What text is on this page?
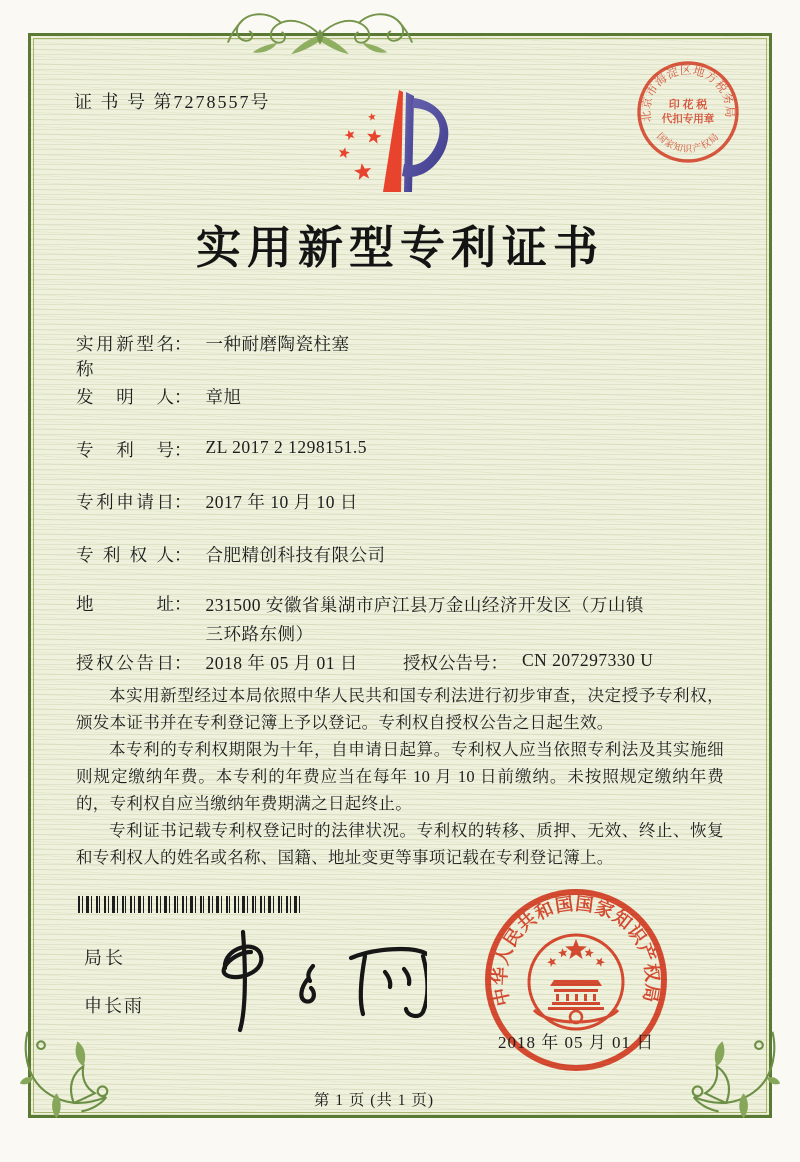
证 书 号 第7278557号
北京市海淀区地方税务局
国家知识产权局
印 花 税
代扣专用章
实用新型专利证书
实用新型名称： 一种耐磨陶瓷柱塞
发明人： 章旭
专利号： ZL 2017 2 1298151.5
专利申请日： 2017 年 10 月 10 日
专利权人： 合肥精创科技有限公司
地址： 231500 安徽省巢湖市庐江县万金山经济开发区（万山镇三环路东侧）
授权公告日： 2018 年 05 月 01 日	授权公告号： CN 207297330 U

本实用新型经过本局依照中华人民共和国专利法进行初步审查，决定授予专利权，颁发本证书并在专利登记簿上予以登记。专利权自授权公告之日起生效。

本专利的专利权期限为十年，自申请日起算。专利权人应当依照专利法及其实施细则规定缴纳年费。本专利的年费应当在每年 10 月 10 日前缴纳。未按照规定缴纳年费的，专利权自应当缴纳年费期满之日起终止。

专利证书记载专利权登记时的法律状况。专利权的转移、质押、无效、终止、恢复和专利权人的姓名或名称、国籍、地址变更等事项记载在专利登记簿上。

局长
申长雨	中华人民共和国国家知识产权局
2018 年 05 月 01 日
第 1 页 (共 1 页)
